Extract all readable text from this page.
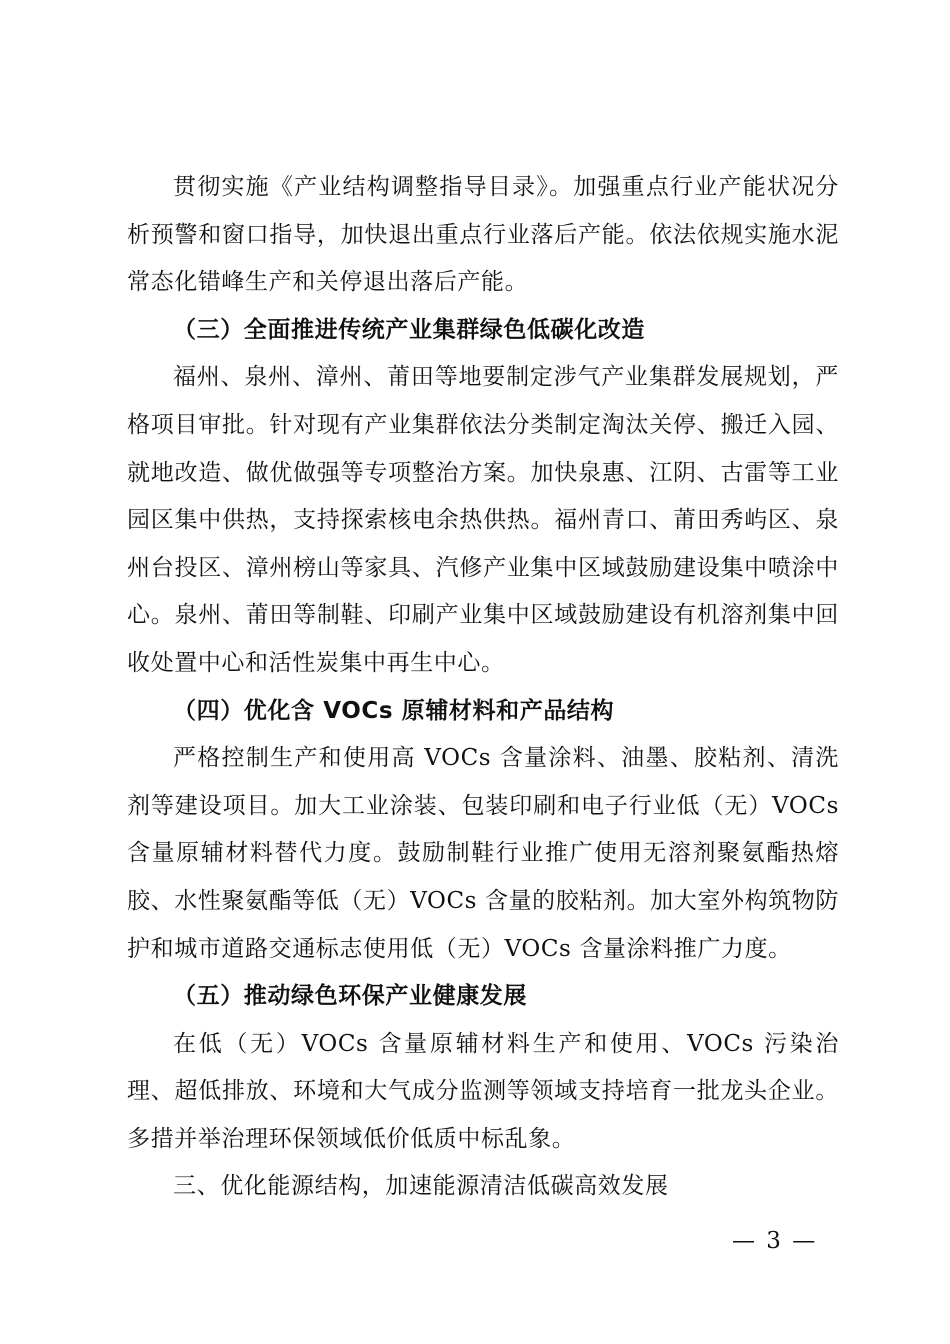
贯彻实施《产业结构调整指导目录》。加强重点行业产能状况分析预警和窗口指导，加快退出重点行业落后产能。依法依规实施水泥常态化错峰生产和关停退出落后产能。

（三）全面推进传统产业集群绿色低碳化改造

福州、泉州、漳州、莆田等地要制定涉气产业集群发展规划，严格项目审批。针对现有产业集群依法分类制定淘汰关停、搬迁入园、就地改造、做优做强等专项整治方案。加快泉惠、江阴、古雷等工业园区集中供热，支持探索核电余热供热。福州青口、莆田秀屿区、泉州台投区、漳州榜山等家具、汽修产业集中区域鼓励建设集中喷涂中心。泉州、莆田等制鞋、印刷产业集中区域鼓励建设有机溶剂集中回收处置中心和活性炭集中再生中心。

（四）优化含 VOCs 原辅材料和产品结构

严格控制生产和使用高 VOCs 含量涂料、油墨、胶粘剂、清洗剂等建设项目。加大工业涂装、包装印刷和电子行业低（无）VOCs 含量原辅材料替代力度。鼓励制鞋行业推广使用无溶剂聚氨酯热熔胶、水性聚氨酯等低（无）VOCs 含量的胶粘剂。加大室外构筑物防护和城市道路交通标志使用低（无）VOCs 含量涂料推广力度。

（五）推动绿色环保产业健康发展

在低（无）VOCs 含量原辅材料生产和使用、VOCs 污染治理、超低排放、环境和大气成分监测等领域支持培育一批龙头企业。多措并举治理环保领域低价低质中标乱象。

三、优化能源结构，加速能源清洁低碳高效发展

— 3 —
